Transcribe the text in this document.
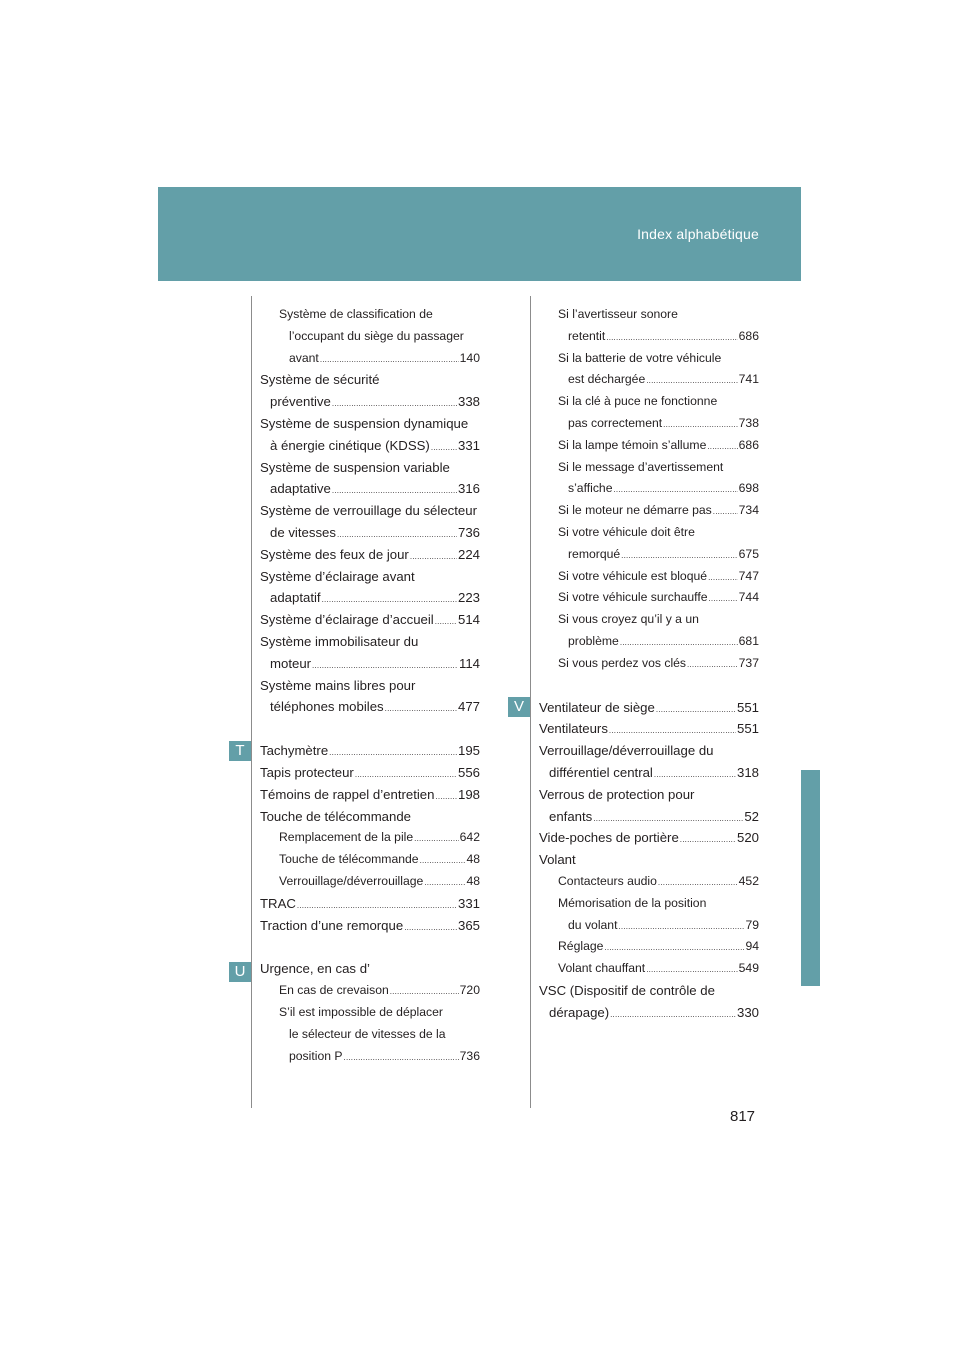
Index alphabétique
T
U
V
Système de classification de
l’occupant du siège du passager
avant .....	140
Système de sécurité
préventive .....	338
Système de suspension dynamique
à énergie cinétique (KDSS) ..... 331
Système de suspension variable
adaptative .....	316
Système de verrouillage du sélecteur
de vitesses .....	736
Système des feux de jour .....	224
Système d’éclairage avant
adaptatif .....	223
Système d’éclairage d’accueil ..... 514
Système immobilisateur du
moteur .....	114
Système mains libres pour
téléphones mobiles .....	477
Tachymètre .....	195
Tapis protecteur .....	556
Témoins de rappel d’entretien ..... 198
Touche de télécommande
Remplacement de la pile .....	642
Touche de télécommande .....	48
Verrouillage/déverrouillage .....	48
TRAC .....	331
Traction d’une remorque .....	365
Urgence, en cas d’
En cas de crevaison .....	720
S’il est impossible de déplacer
le sélecteur de vitesses de la
position P .....	736
Si l’avertisseur sonore
retentit .....	686
Si la batterie de votre véhicule
est déchargée .....	741
Si la clé à puce ne fonctionne
pas correctement .....	738
Si la lampe témoin s’allume .....	686
Si le message d’avertissement
s’affiche .....	698
Si le moteur ne démarre pas ..... 734
Si votre véhicule doit être
remorqué .....	675
Si votre véhicule est bloqué .....	747
Si votre véhicule surchauffe .....	744
Si vous croyez qu’il y a un
problème .....	681
Si vous perdez vos clés .....	737
Ventilateur de siège .....	551
Ventilateurs .....	551
Verrouillage/déverrouillage du
différentiel central .....	318
Verrous de protection pour
enfants .....	52
Vide-poches de portière .....	520
Volant
Contacteurs audio .....	452
Mémorisation de la position
du volant .....	79
Réglage .....	94
Volant chauffant .....	549
VSC (Dispositif de contrôle de
dérapage) .....	330
817
